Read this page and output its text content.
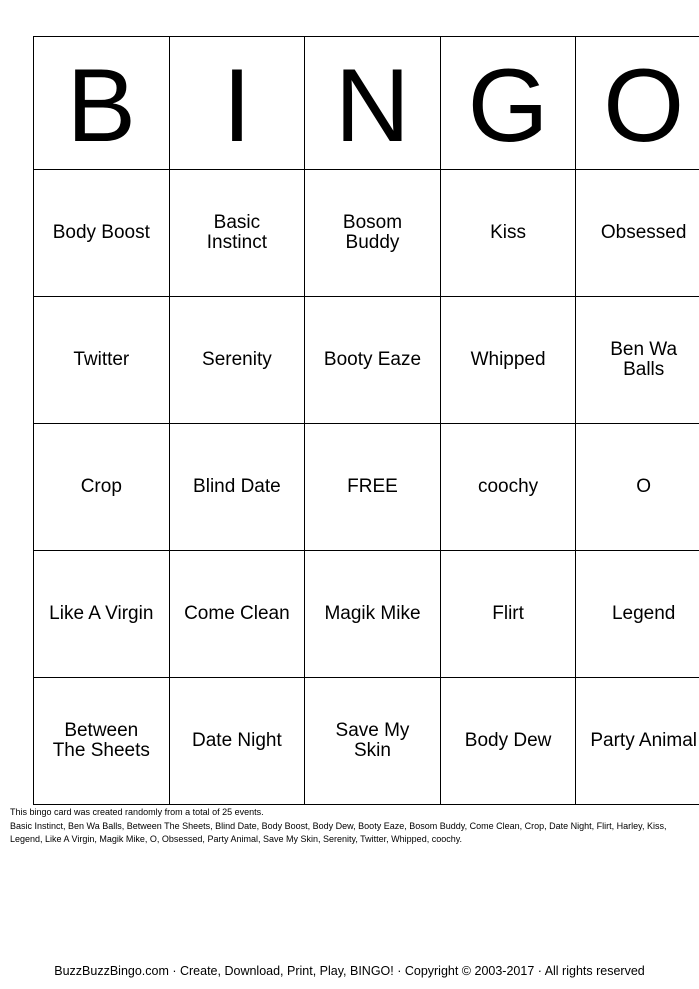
B	I	N	G	O
Body Boost	Basic Instinct	Bosom Buddy	Kiss	Obsessed
Twitter	Serenity	Booty Eaze	Whipped	Ben Wa Balls
Crop	Blind Date	FREE	coochy	O
Like A Virgin	Come Clean	Magik Mike	Flirt	Legend
Between The Sheets	Date Night	Save My Skin	Body Dew	Party Animal
This bingo card was created randomly from a total of 25 events.
Basic Instinct, Ben Wa Balls, Between The Sheets, Blind Date, Body Boost, Body Dew, Booty Eaze, Bosom Buddy, Come Clean, Crop, Date Night, Flirt, Harley, Kiss, Legend, Like A Virgin, Magik Mike, O, Obsessed, Party Animal, Save My Skin, Serenity, Twitter, Whipped, coochy.
BuzzBuzzBingo.com · Create, Download, Print, Play, BINGO! · Copyright © 2003-2017 · All rights reserved
